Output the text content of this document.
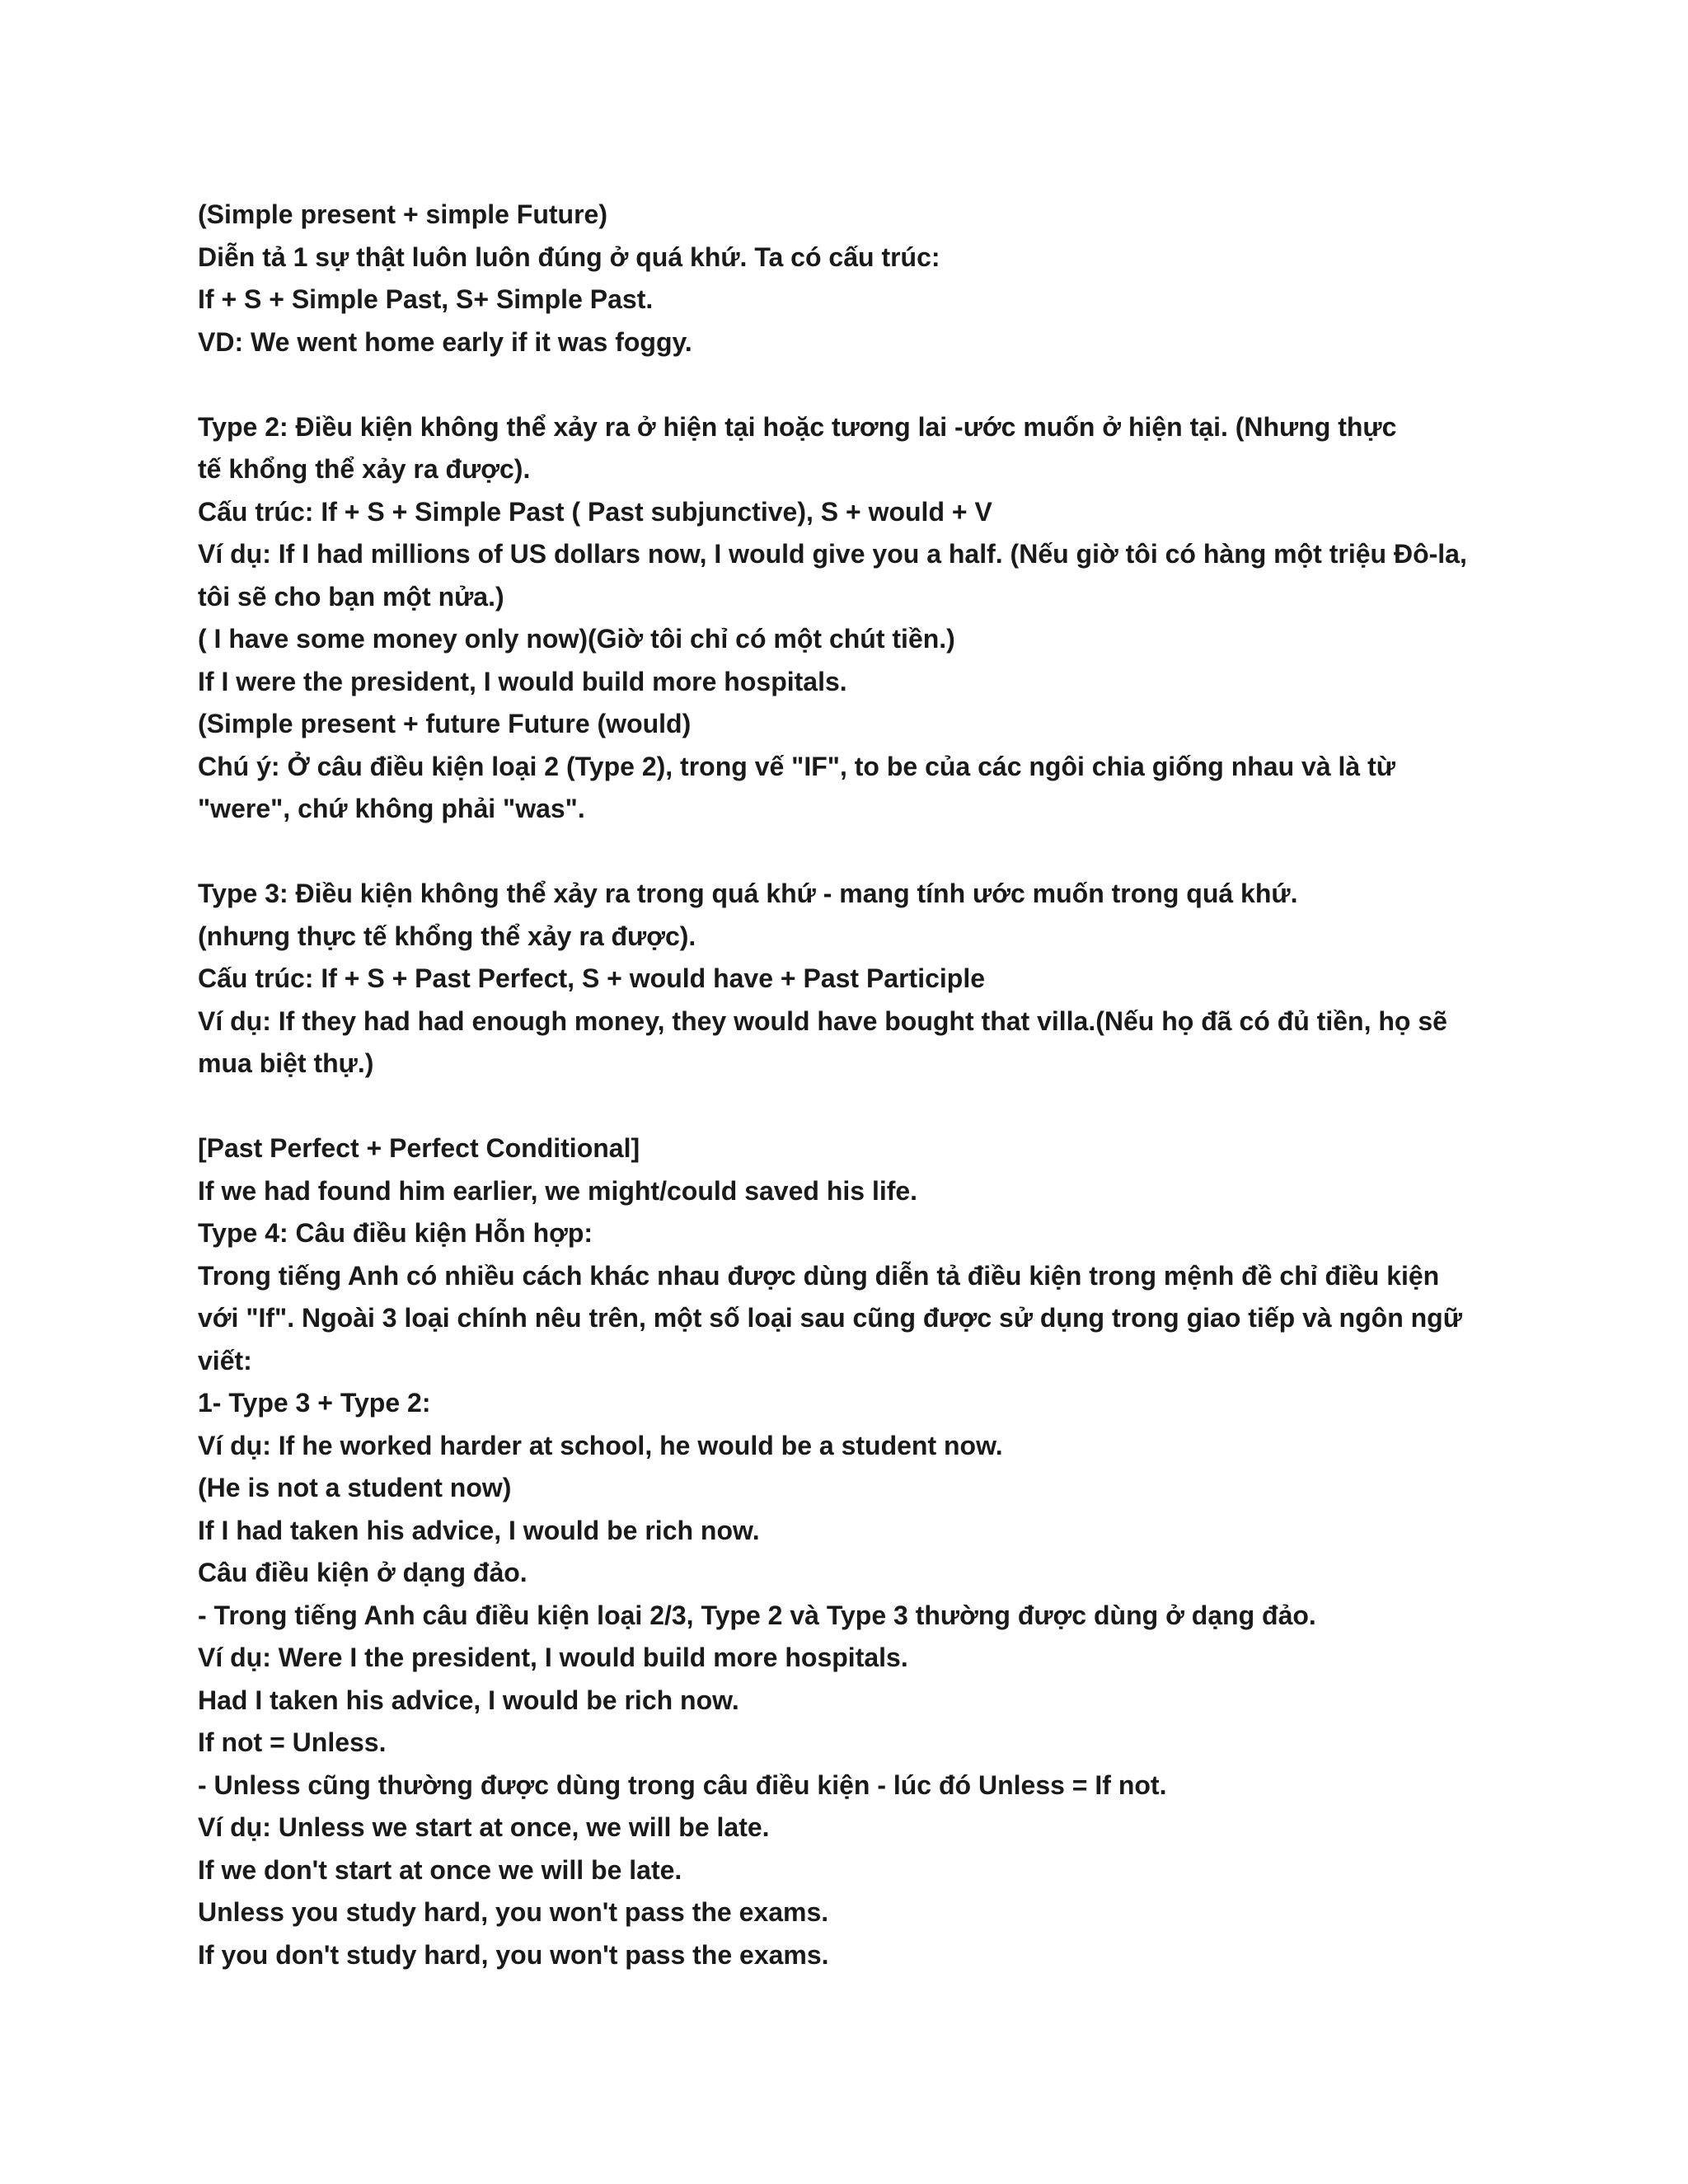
(Simple present + simple Future)

Diễn tả 1 sự thật luôn luôn đúng ở quá khứ. Ta có cấu trúc:

If + S + Simple Past, S+ Simple Past.

VD: We went home early if it was foggy.

Type 2: Điều kiện không thể xảy ra ở hiện tại hoặc tương lai -ước muốn ở hiện tại. (Nhưng thực

tế khổng thể xảy ra được).

Cấu trúc: If + S + Simple Past ( Past subjunctive), S + would + V

Ví dụ: If I had millions of US dollars now, I would give you a half. (Nếu giờ tôi có hàng một triệu Đô-la,

tôi sẽ cho bạn một nửa.)

( I have some money only now)(Giờ tôi chỉ có một chút tiền.)

If I were the president, I would build more hospitals.

(Simple present + future Future (would)

Chú ý: Ở câu điều kiện loại 2 (Type 2), trong vế "IF", to be của các ngôi chia giống nhau và là từ

"were", chứ không phải "was".

Type 3: Điều kiện không thể xảy ra trong quá khứ - mang tính ước muốn trong quá khứ.

(nhưng thực tế khổng thể xảy ra được).

Cấu trúc: If + S + Past Perfect, S + would have + Past Participle

Ví dụ: If they had had enough money, they would have bought that villa.(Nếu họ đã có đủ tiền, họ sẽ

mua biệt thự.)

[Past Perfect + Perfect Conditional]

If we had found him earlier, we might/could saved his life.

Type 4: Câu điều kiện Hỗn hợp:

Trong tiếng Anh có nhiều cách khác nhau được dùng diễn tả điều kiện trong mệnh đề chỉ điều kiện

với "If". Ngoài 3 loại chính nêu trên, một số loại sau cũng được sử dụng trong giao tiếp và ngôn ngữ

viết:

1- Type 3 + Type 2:

Ví dụ: If he worked harder at school, he would be a student now.

(He is not a student now)

If I had taken his advice, I would be rich now.

Câu điều kiện ở dạng đảo.

- Trong tiếng Anh câu điều kiện loại 2/3, Type 2 và Type 3 thường được dùng ở dạng đảo.

Ví dụ: Were I the president, I would build more hospitals.

Had I taken his advice, I would be rich now.

If not = Unless.

- Unless cũng thường được dùng trong câu điều kiện - lúc đó Unless = If not.

Ví dụ: Unless we start at once, we will be late.

If we don't start at once we will be late.

Unless you study hard, you won't pass the exams.

If you don't study hard, you won't pass the exams.
